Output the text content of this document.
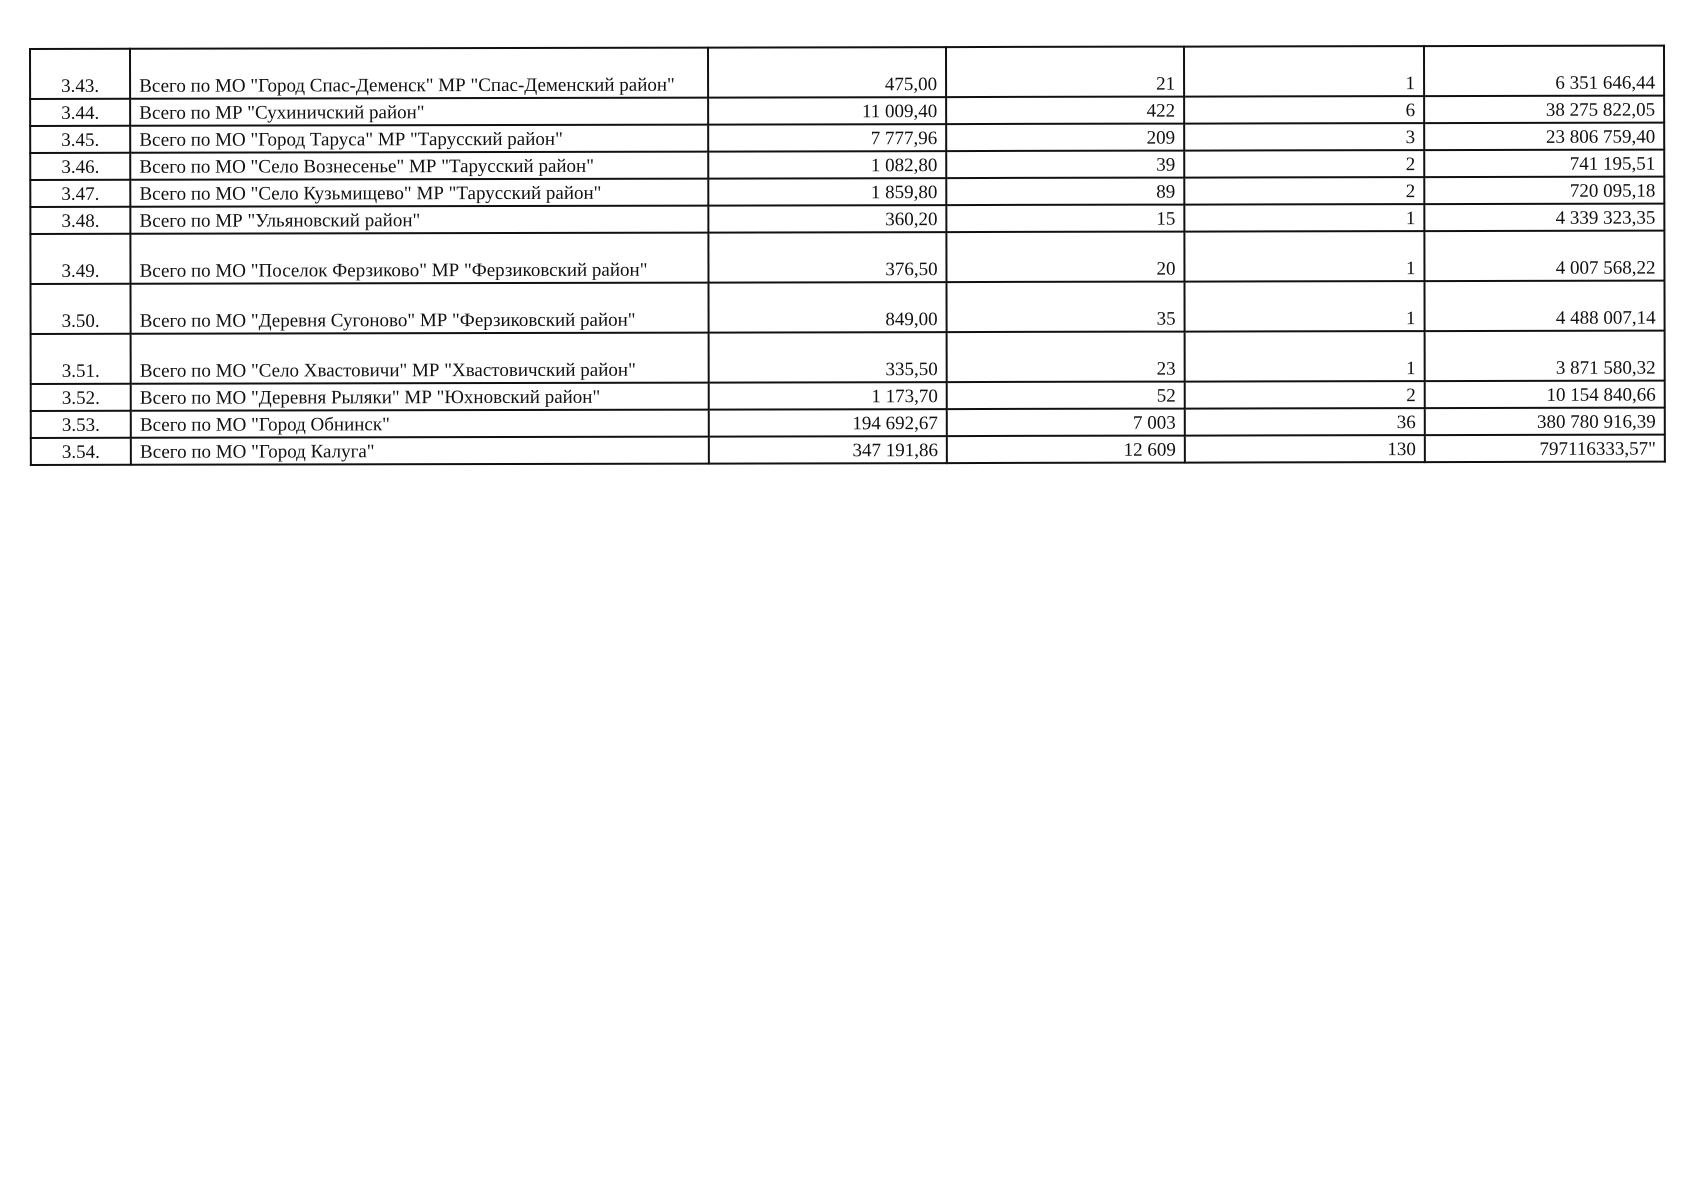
3.43.	Всего по МО "Город Спас-Деменск" МР "Спас-Деменский район"	475,00	21	1	6 351 646,44
3.44.	Всего по МР "Сухиничский район"	11 009,40	422	6	38 275 822,05
3.45.	Всего по МО "Город Таруса" МР "Тарусский район"	7 777,96	209	3	23 806 759,40
3.46.	Всего по МО "Село Вознесенье" МР "Тарусский район"	1 082,80	39	2	741 195,51
3.47.	Всего по МО "Село Кузьмищево" МР "Тарусский район"	1 859,80	89	2	720 095,18
3.48.	Всего по МР "Ульяновский район"	360,20	15	1	4 339 323,35
3.49.	Всего по МО "Поселок Ферзиково" МР "Ферзиковский район"	376,50	20	1	4 007 568,22
3.50.	Всего по МО "Деревня Сугоново" МР "Ферзиковский район"	849,00	35	1	4 488 007,14
3.51.	Всего по МО "Село Хвастовичи" МР "Хвастовичский район"	335,50	23	1	3 871 580,32
3.52.	Всего по МО "Деревня Рыляки" МР "Юхновский район"	1 173,70	52	2	10 154 840,66
3.53.	Всего по МО "Город Обнинск"	194 692,67	7 003	36	380 780 916,39
3.54.	Всего по МО "Город Калуга"	347 191,86	12 609	130	797116333,57"
